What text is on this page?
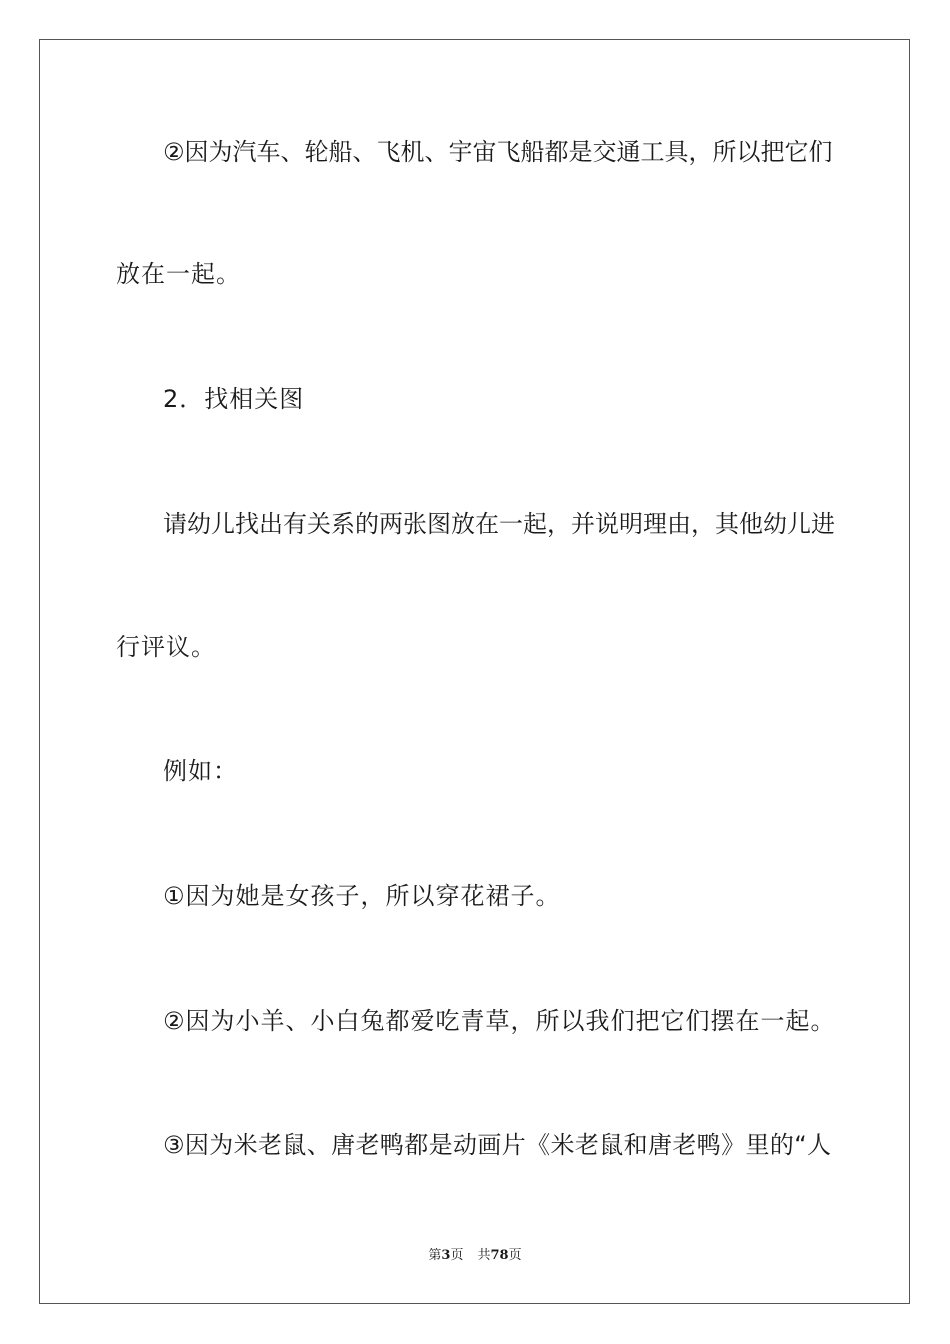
②因为汽车、轮船、飞机、宇宙飞船都是交通工具，所以把它们
放在一起。
2．找相关图
请幼儿找出有关系的两张图放在一起，并说明理由，其他幼儿进
行评议。
例如：
①因为她是女孩子，所以穿花裙子。
②因为小羊、小白兔都爱吃青草，所以我们把它们摆在一起。
③因为米老鼠、唐老鸭都是动画片《米老鼠和唐老鸭》里的“人
第3页 共78页
